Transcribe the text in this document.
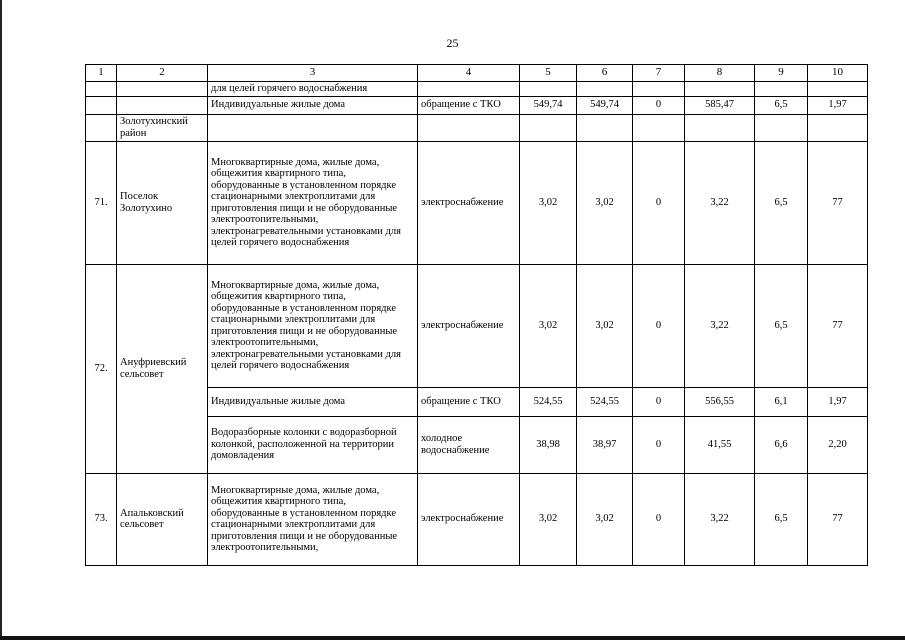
25
1	2	3	4	5	6	7	8	9	10
		для целей горячего водоснабжения							
		Индивидуальные жилые дома	обращение с ТКО	549,74	549,74	0	585,47	6,5	1,97
	Золотухинский район								
71.	Поселок Золотухино	Многоквартирные дома, жилые дома, общежития квартирного типа, оборудованные в установленном порядке стационарными электроплитами для приготовления пищи и не оборудованные электроотопительными, электронагревательными установками для целей горячего водоснабжения	электроснабжение	3,02	3,02	0	3,22	6,5	77
72.	Ануфриевский сельсовет	Многоквартирные дома, жилые дома, общежития квартирного типа, оборудованные в установленном порядке стационарными электроплитами для приготовления пищи и не оборудованные электроотопительными, электронагревательными установками для целей горячего водоснабжения	электроснабжение	3,02	3,02	0	3,22	6,5	77
		Индивидуальные жилые дома	обращение с ТКО	524,55	524,55	0	556,55	6,1	1,97
		Водоразборные колонки с водоразборной колонкой, расположенной на территории домовладения	холодное водоснабжение	38,98	38,97	0	41,55	6,6	2,20
73.	Апальковский сельсовет	Многоквартирные дома, жилые дома, общежития квартирного типа, оборудованные в установленном порядке стационарными электроплитами для приготовления пищи и не оборудованные электроотопительными,	электроснабжение	3,02	3,02	0	3,22	6,5	77
